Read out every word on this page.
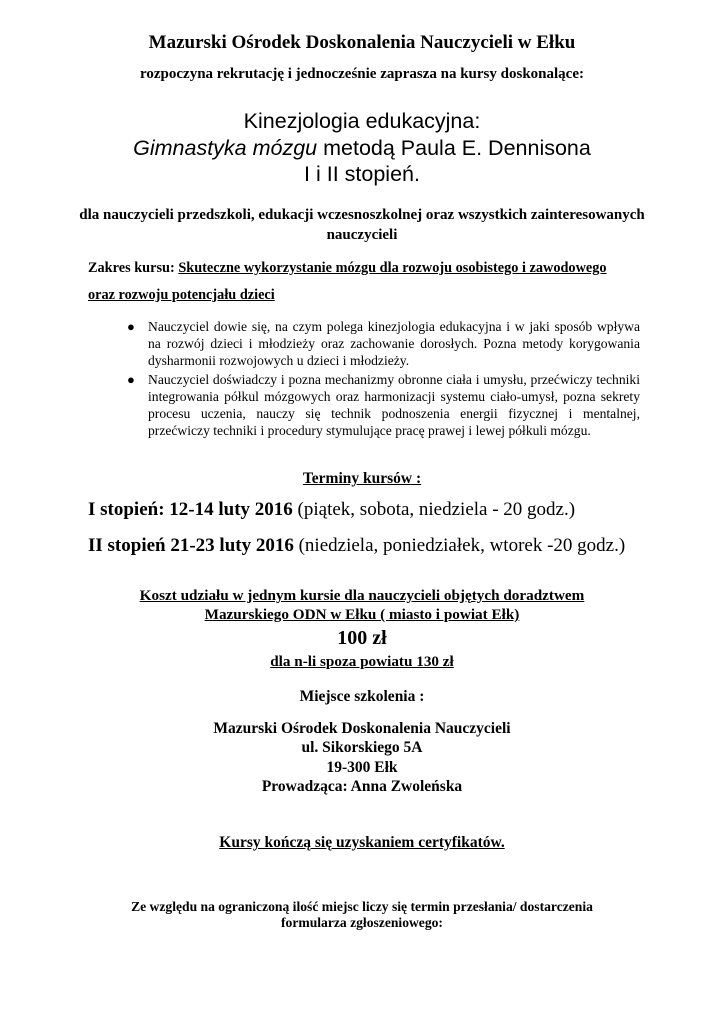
Mazurski Ośrodek Doskonalenia Nauczycieli w Ełku
rozpoczyna rekrutację i jednocześnie zaprasza na kursy doskonalące:
Kinezjologia edukacyjna:
Gimnastyka mózgu metodą Paula E. Dennisona
I i II stopień.
dla nauczycieli przedszkoli, edukacji wczesnoszkolnej oraz wszystkich zainteresowanych nauczycieli
Zakres kursu: Skuteczne wykorzystanie mózgu dla rozwoju osobistego i zawodowego
oraz rozwoju potencjału dzieci
● Nauczyciel dowie się, na czym polega kinezjologia edukacyjna i w jaki sposób wpływa na rozwój dzieci i młodzieży oraz zachowanie dorosłych. Pozna metody korygowania dysharmonii rozwojowych u dzieci i młodzieży.
● Nauczyciel doświadczy i pozna mechanizmy obronne ciała i umysłu, przećwiczy techniki integrowania półkul mózgowych oraz harmonizacji systemu ciało-umysł, pozna sekrety procesu uczenia, nauczy się technik podnoszenia energii fizycznej i mentalnej, przećwiczy techniki i procedury stymulujące pracę prawej i lewej półkuli mózgu.
Terminy kursów :
I stopień: 12-14 luty 2016 (piątek, sobota, niedziela - 20 godz.)
II stopień 21-23 luty 2016 (niedziela, poniedziałek, wtorek -20 godz.)
Koszt udziału w jednym kursie dla nauczycieli objętych doradztwem
Mazurskiego ODN w Ełku ( miasto i powiat Ełk)
100 zł
dla n-li spoza powiatu 130 zł
Miejsce szkolenia :
Mazurski Ośrodek Doskonalenia Nauczycieli
ul. Sikorskiego 5A
19-300 Ełk
Prowadząca: Anna Zwoleńska
Kursy kończą się uzyskaniem certyfikatów.
Ze względu na ograniczoną ilość miejsc liczy się termin przesłania/ dostarczenia
formularza zgłoszeniowego:
